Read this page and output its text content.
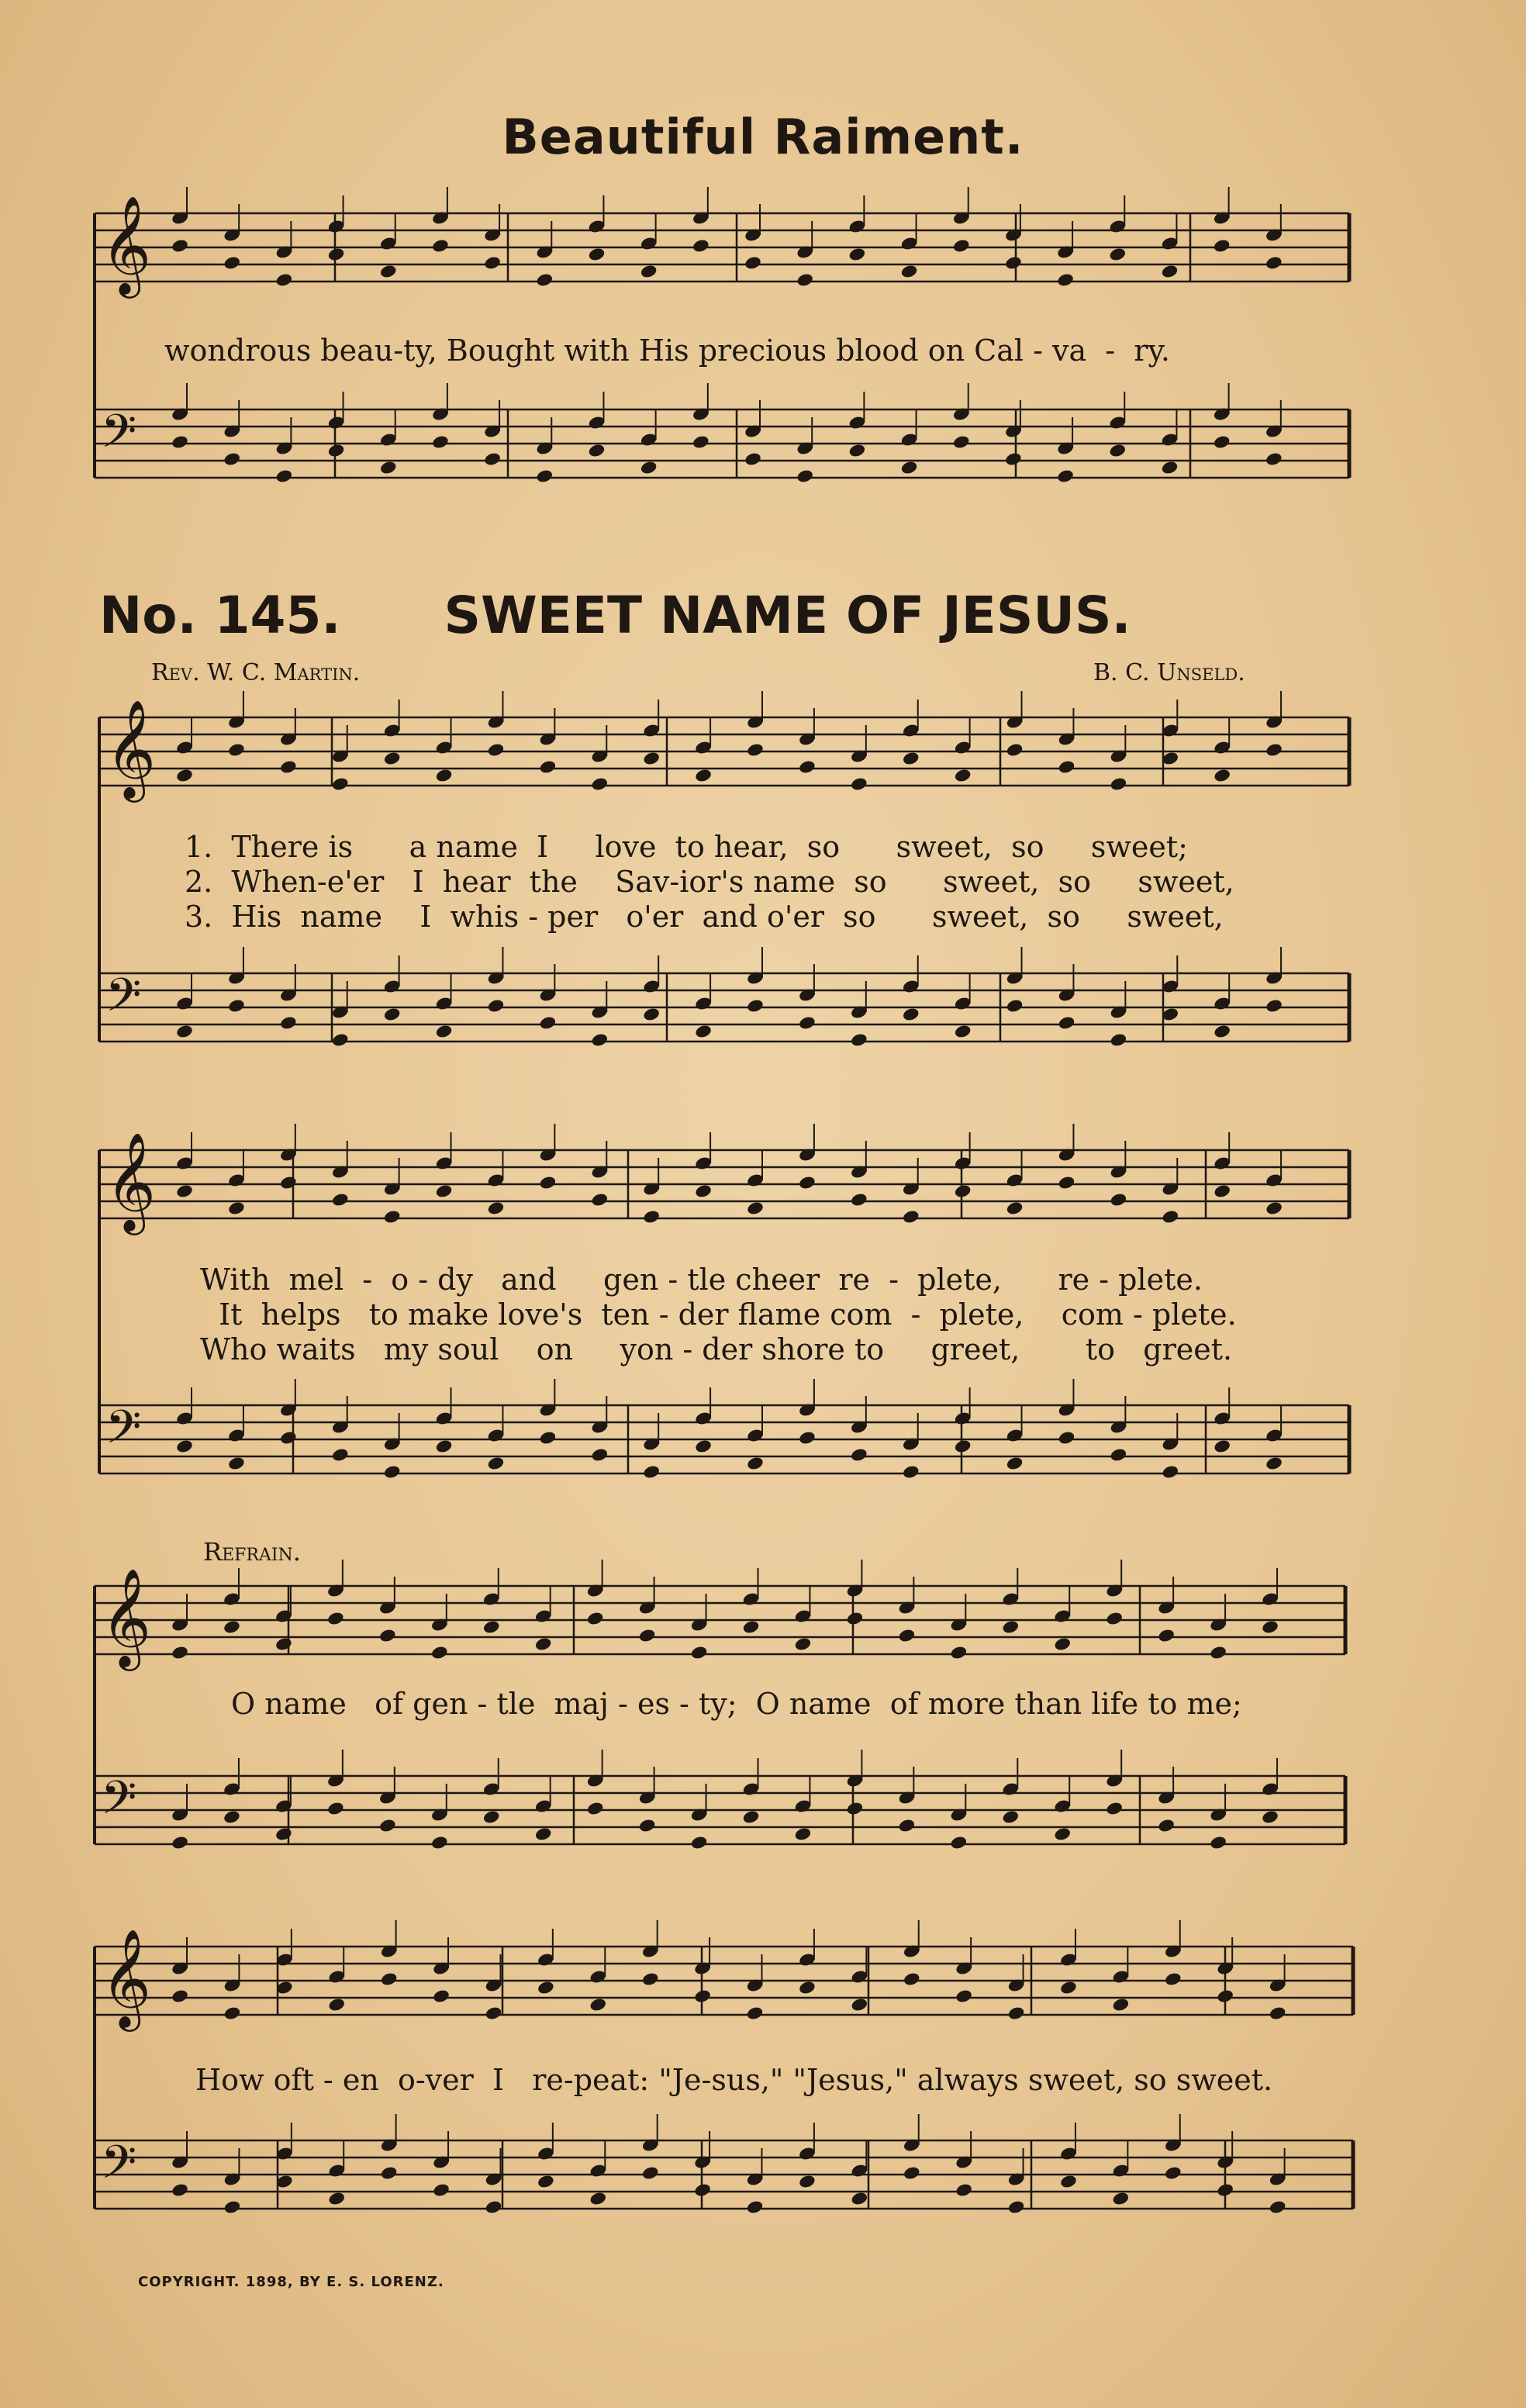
𝄞
𝄢
𝄞
𝄢
𝄞
𝄢
𝄞
𝄢
𝄞
𝄢
Beautiful Raiment.
wondrous beau-ty, Bought with His precious blood on Cal - va  -  ry.
No. 145. SWEET NAME OF JESUS.
Rev. W. C. Martin.	B. C. Unseld.
1.  There is      a name  I     love  to hear,  so      sweet,  so     sweet;
2.  When-e'er   I  hear  the    Sav-ior's name  so      sweet,  so     sweet,
3.  His  name    I  whis - per   o'er  and o'er  so      sweet,  so     sweet,
With  mel  -  o - dy   and     gen - tle cheer  re  -  plete,      re - plete.
It  helps   to make love's  ten - der flame com  -  plete,    com - plete.
Who waits   my soul    on     yon - der shore to     greet,       to   greet.
Refrain.
O name   of gen - tle  maj - es - ty;  O name  of more than life to me;
How oft - en  o-ver  I   re-peat: "Je-sus," "Jesus," always sweet, so sweet.
COPYRIGHT. 1898, BY E. S. LORENZ.
